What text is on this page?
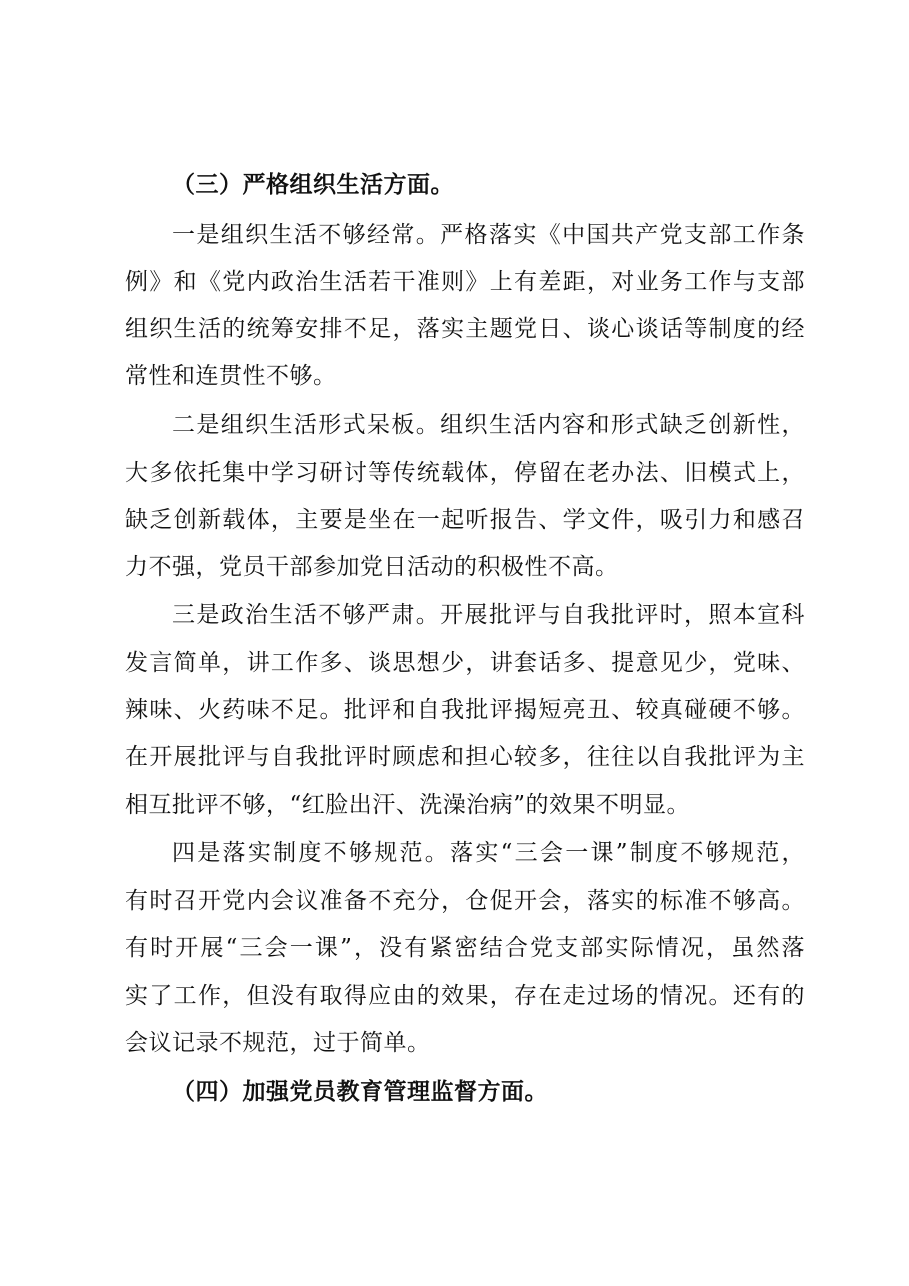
（三）严格组织生活方面。
一是组织生活不够经常。严格落实《中国共产党支部工作条
例》和《党内政治生活若干准则》上有差距，对业务工作与支部
组织生活的统筹安排不足，落实主题党日、谈心谈话等制度的经
常性和连贯性不够。
二是组织生活形式呆板。组织生活内容和形式缺乏创新性，
大多依托集中学习研讨等传统载体，停留在老办法、旧模式上，
缺乏创新载体，主要是坐在一起听报告、学文件，吸引力和感召
力不强，党员干部参加党日活动的积极性不高。
三是政治生活不够严肃。开展批评与自我批评时，照本宣科
发言简单，讲工作多、谈思想少，讲套话多、提意见少，党味、
辣味、火药味不足。批评和自我批评揭短亮丑、较真碰硬不够。
在开展批评与自我批评时顾虑和担心较多，往往以自我批评为主
相互批评不够，“红脸出汗、洗澡治病”的效果不明显。
四是落实制度不够规范。落实“三会一课”制度不够规范，
有时召开党内会议准备不充分，仓促开会，落实的标准不够高。
有时开展“三会一课”，没有紧密结合党支部实际情况，虽然落
实了工作，但没有取得应由的效果，存在走过场的情况。还有的
会议记录不规范，过于简单。
（四）加强党员教育管理监督方面。
